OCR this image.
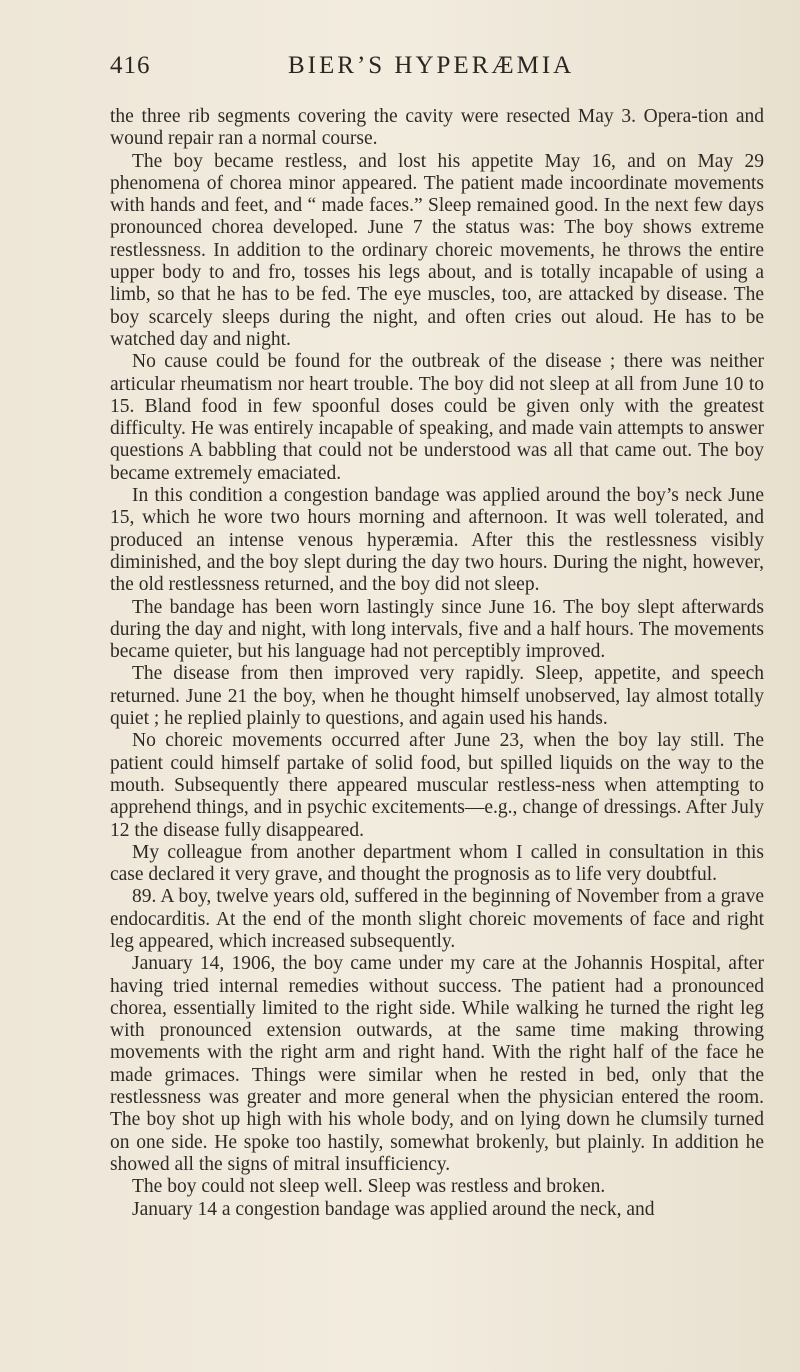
416	BIER’S HYPERÆMIA

the three rib segments covering the cavity were resected May 3. Opera-tion and wound repair ran a normal course.

The boy became restless, and lost his appetite May 16, and on May 29 phenomena of chorea minor appeared. The patient made incoordinate movements with hands and feet, and “ made faces.” Sleep remained good. In the next few days pronounced chorea developed. June 7 the status was: The boy shows extreme restlessness. In addition to the ordinary choreic movements, he throws the entire upper body to and fro, tosses his legs about, and is totally incapable of using a limb, so that he has to be fed. The eye muscles, too, are attacked by disease. The boy scarcely sleeps during the night, and often cries out aloud. He has to be watched day and night.

No cause could be found for the outbreak of the disease ; there was neither articular rheumatism nor heart trouble. The boy did not sleep at all from June 10 to 15. Bland food in few spoonful doses could be given only with the greatest difficulty. He was entirely incapable of speaking, and made vain attempts to answer questions A babbling that could not be understood was all that came out. The boy became extremely emaciated.

In this condition a congestion bandage was applied around the boy’s neck June 15, which he wore two hours morning and afternoon. It was well tolerated, and produced an intense venous hyperæmia. After this the restlessness visibly diminished, and the boy slept during the day two hours. During the night, however, the old restlessness returned, and the boy did not sleep.

The bandage has been worn lastingly since June 16. The boy slept afterwards during the day and night, with long intervals, five and a half hours. The movements became quieter, but his language had not perceptibly improved.

The disease from then improved very rapidly. Sleep, appetite, and speech returned. June 21 the boy, when he thought himself unobserved, lay almost totally quiet ; he replied plainly to questions, and again used his hands.

No choreic movements occurred after June 23, when the boy lay still. The patient could himself partake of solid food, but spilled liquids on the way to the mouth. Subsequently there appeared muscular restless-ness when attempting to apprehend things, and in psychic excitements—e.g., change of dressings. After July 12 the disease fully disappeared.

My colleague from another department whom I called in consultation in this case declared it very grave, and thought the prognosis as to life very doubtful.

89. A boy, twelve years old, suffered in the beginning of November from a grave endocarditis. At the end of the month slight choreic movements of face and right leg appeared, which increased subsequently.

January 14, 1906, the boy came under my care at the Johannis Hospital, after having tried internal remedies without success. The patient had a pronounced chorea, essentially limited to the right side. While walking he turned the right leg with pronounced extension outwards, at the same time making throwing movements with the right arm and right hand. With the right half of the face he made grimaces. Things were similar when he rested in bed, only that the restlessness was greater and more general when the physician entered the room. The boy shot up high with his whole body, and on lying down he clumsily turned on one side. He spoke too hastily, somewhat brokenly, but plainly. In addition he showed all the signs of mitral insufficiency.

The boy could not sleep well. Sleep was restless and broken.

January 14 a congestion bandage was applied around the neck, and
